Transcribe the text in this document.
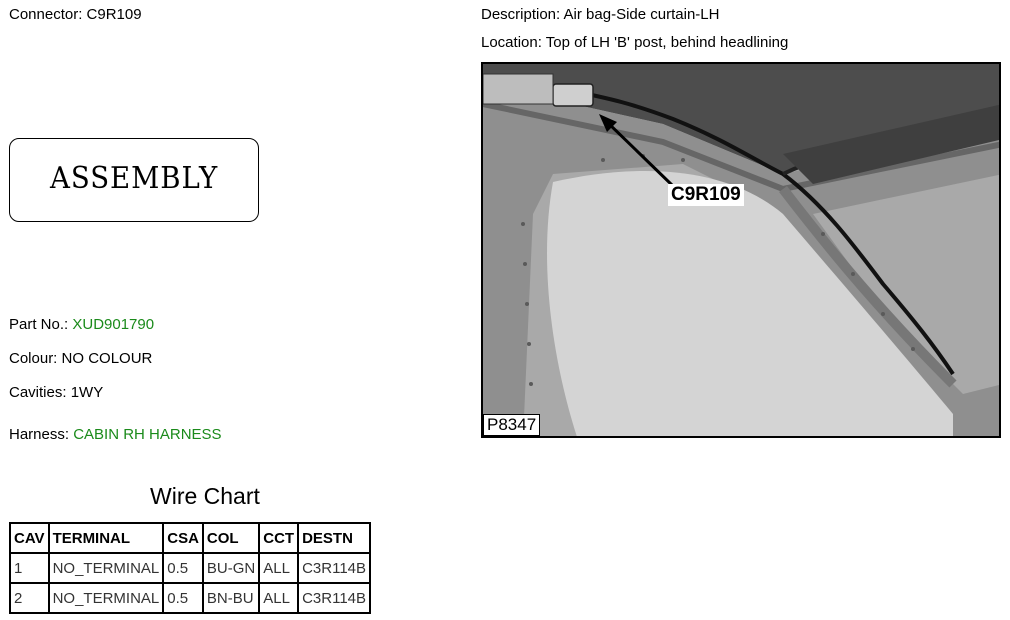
Connector: C9R109	Description: Air bag-Side curtain-LH
Location: Top of LH 'B' post, behind headlining
ASSEMBLY
Part No.: XUD901790
Colour: NO COLOUR
Cavities: 1WY
Harness: CABIN RH HARNESS
Wire Chart
CAV	TERMINAL	CSA	COL	CCT	DESTN
1	NO_TERMINAL	0.5	BU-GN	ALL	C3R114B
2	NO_TERMINAL	0.5	BN-BU	ALL	C3R114B
C9R109
P8347
